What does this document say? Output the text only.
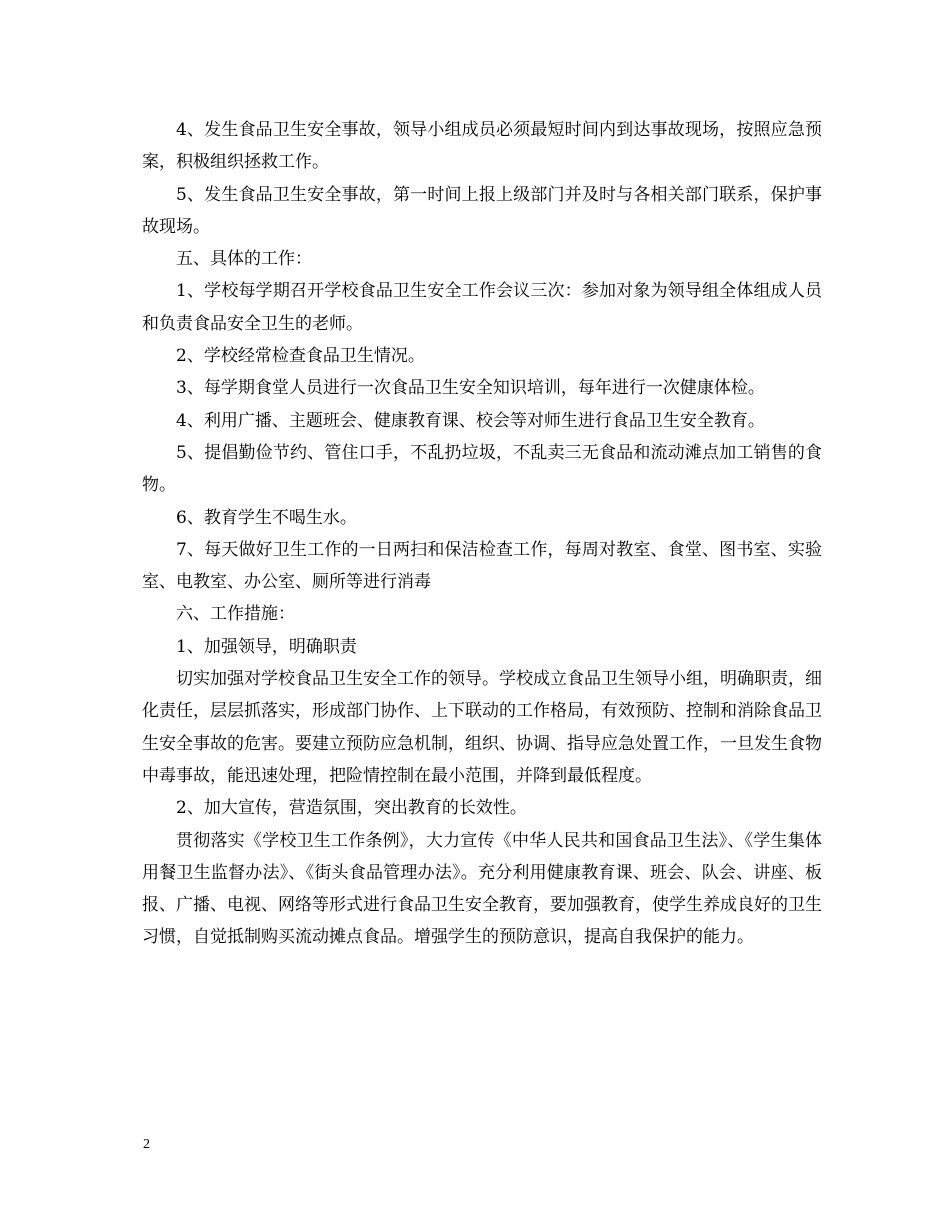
4、发生食品卫生安全事故，领导小组成员必须最短时间内到达事故现场，按照应急预案，积极组织拯救工作。

5、发生食品卫生安全事故，第一时间上报上级部门并及时与各相关部门联系，保护事故现场。

五、具体的工作：

1、学校每学期召开学校食品卫生安全工作会议三次：参加对象为领导组全体组成人员和负责食品安全卫生的老师。

2、学校经常检查食品卫生情况。

3、每学期食堂人员进行一次食品卫生安全知识培训，每年进行一次健康体检。

4、利用广播、主题班会、健康教育课、校会等对师生进行食品卫生安全教育。

5、提倡勤俭节约、管住口手，不乱扔垃圾，不乱卖三无食品和流动滩点加工销售的食物。

6、教育学生不喝生水。

7、每天做好卫生工作的一日两扫和保洁检查工作，每周对教室、食堂、图书室、实验室、电教室、办公室、厕所等进行消毒

六、工作措施：

1、加强领导，明确职责

切实加强对学校食品卫生安全工作的领导。学校成立食品卫生领导小组，明确职责，细化责任，层层抓落实，形成部门协作、上下联动的工作格局，有效预防、控制和消除食品卫生安全事故的危害。要建立预防应急机制，组织、协调、指导应急处置工作，一旦发生食物中毒事故，能迅速处理，把险情控制在最小范围，并降到最低程度。

2、加大宣传，营造氛围，突出教育的长效性。

贯彻落实《学校卫生工作条例》，大力宣传《中华人民共和国食品卫生法》、《学生集体用餐卫生监督办法》、《街头食品管理办法》。充分利用健康教育课、班会、队会、讲座、板报、广播、电视、网络等形式进行食品卫生安全教育，要加强教育，使学生养成良好的卫生习惯，自觉抵制购买流动摊点食品。增强学生的预防意识，提高自我保护的能力。

2
